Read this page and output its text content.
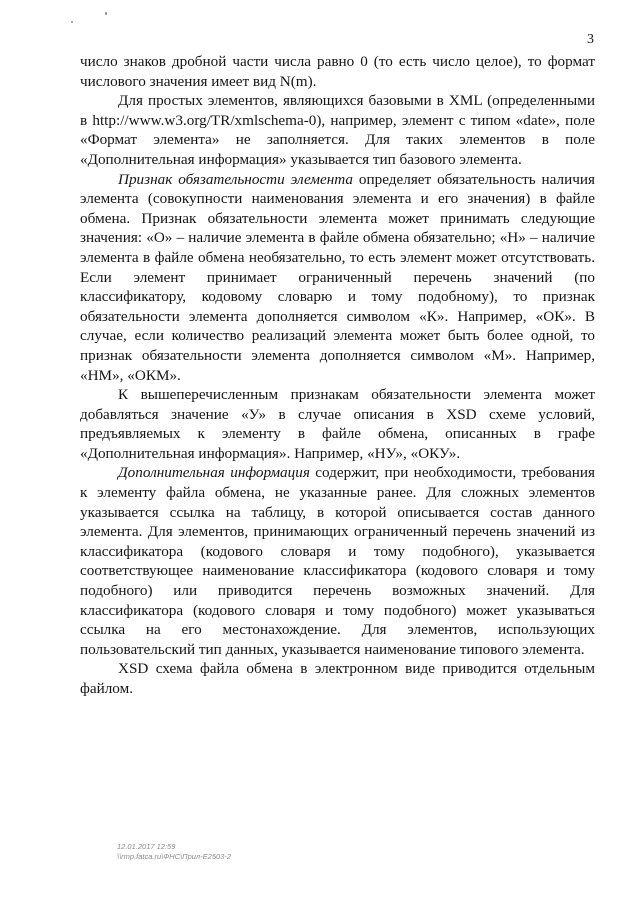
3

число знаков дробной части числа равно 0 (то есть число целое), то формат числового значения имеет вид N(m).

Для простых элементов, являющихся базовыми в XML (определенными в http://www.w3.org/TR/xmlschema-0), например, элемент с типом «date», поле «Формат элемента» не заполняется. Для таких элементов в поле «Дополнительная информация» указывается тип базового элемента.

Признак обязательности элемента определяет обязательность наличия элемента (совокупности наименования элемента и его значения) в файле обмена. Признак обязательности элемента может принимать следующие значения: «О» – наличие элемента в файле обмена обязательно; «Н» – наличие элемента в файле обмена необязательно, то есть элемент может отсутствовать. Если элемент принимает ограниченный перечень значений (по классификатору, кодовому словарю и тому подобному), то признак обязательности элемента дополняется символом «К». Например, «ОК». В случае, если количество реализаций элемента может быть более одной, то признак обязательности элемента дополняется символом «М». Например, «НМ», «ОКМ».

К вышеперечисленным признакам обязательности элемента может добавляться значение «У» в случае описания в XSD схеме условий, предъявляемых к элементу в файле обмена, описанных в графе «Дополнительная информация». Например, «НУ», «ОКУ».

Дополнительная информация содержит, при необходимости, требования к элементу файла обмена, не указанные ранее. Для сложных элементов указывается ссылка на таблицу, в которой описывается состав данного элемента. Для элементов, принимающих ограниченный перечень значений из классификатора (кодового словаря и тому подобного), указывается соответствующее наименование классификатора (кодового словаря и тому подобного) или приводится перечень возможных значений. Для классификатора (кодового словаря и тому подобного) может указываться ссылка на его местонахождение. Для элементов, использующих пользовательский тип данных, указывается наименование типового элемента.

XSD схема файла обмена в электронном виде приводится отдельным файлом.

12.01.2017 12:59
\\rmp.fatca.ru\ФНС\Прил-Е2503-2
